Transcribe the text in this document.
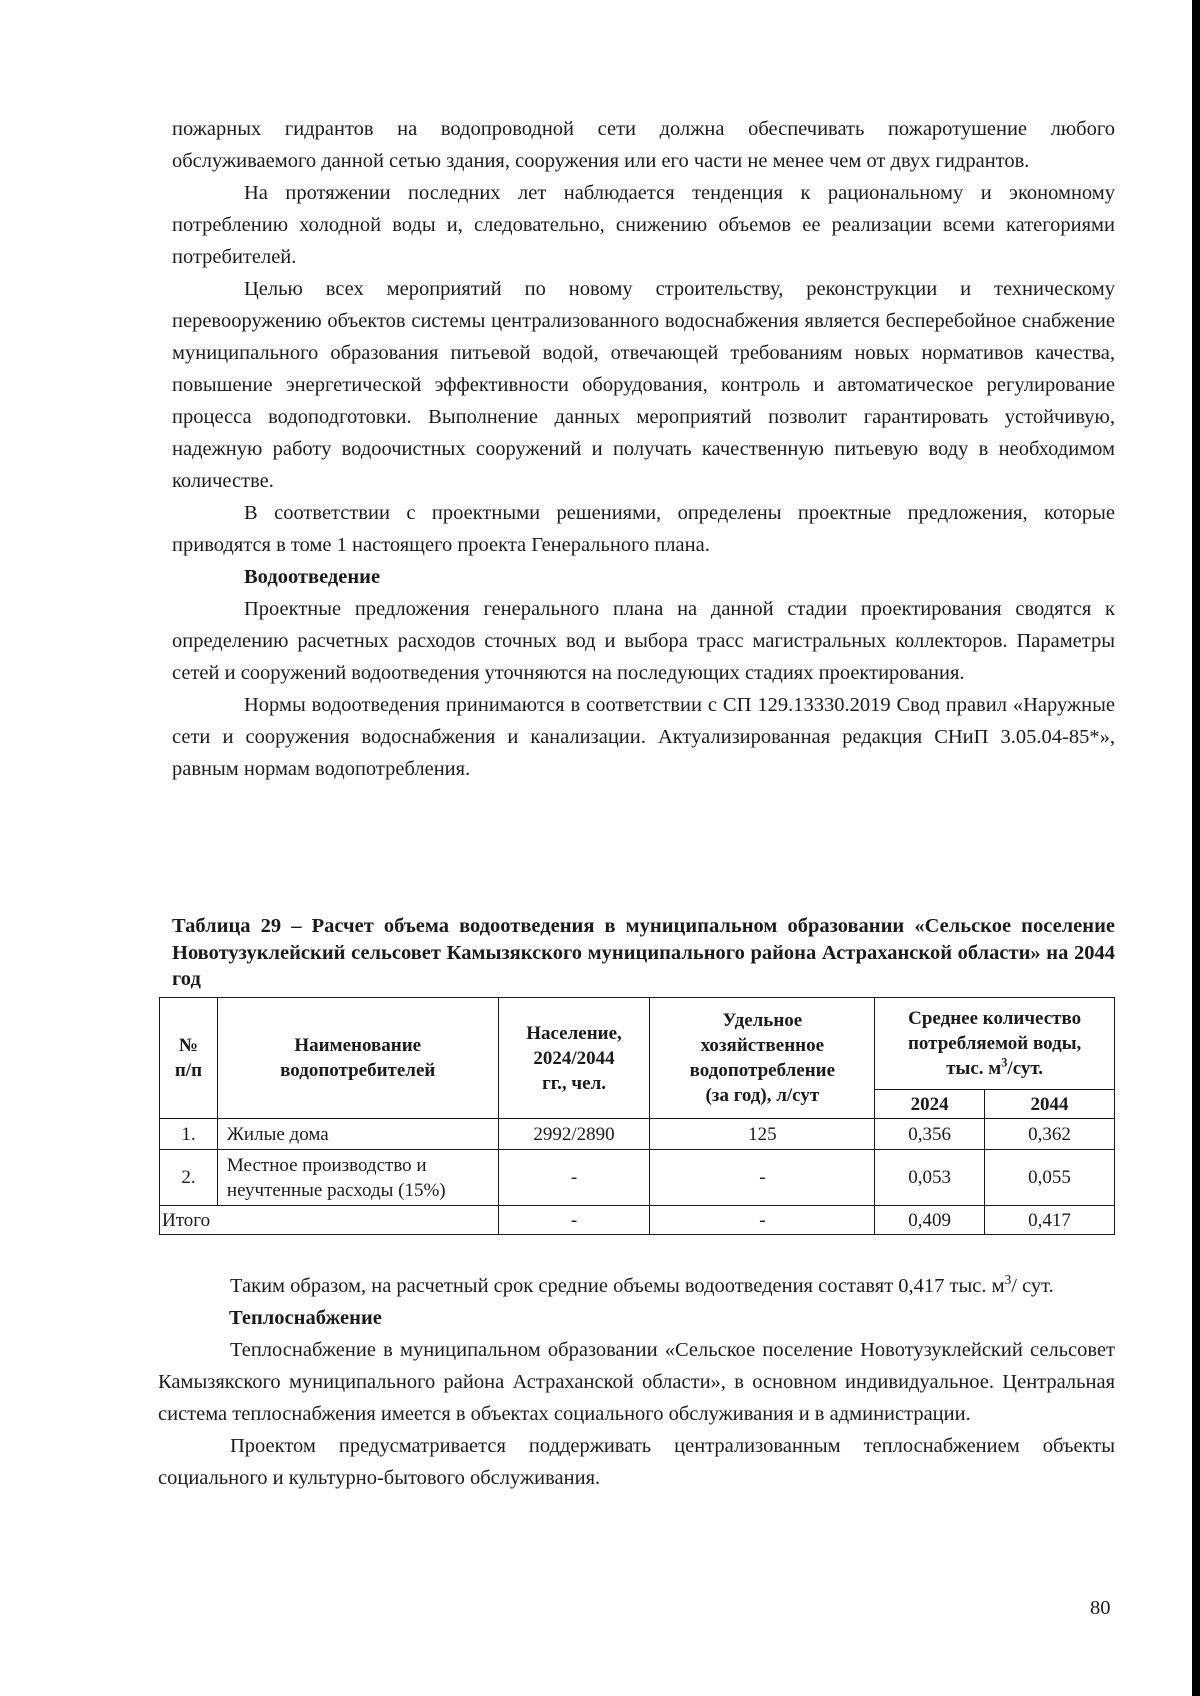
пожарных гидрантов на водопроводной сети должна обеспечивать пожаротушение любого обслуживаемого данной сетью здания, сооружения или его части не менее чем от двух гидрантов.

На протяжении последних лет наблюдается тенденция к рациональному и экономному потреблению холодной воды и, следовательно, снижению объемов ее реализации всеми категориями потребителей.

Целью всех мероприятий по новому строительству, реконструкции и техническому перевооружению объектов системы централизованного водоснабжения является бесперебойное снабжение муниципального образования питьевой водой, отвечающей требованиям новых нормативов качества, повышение энергетической эффективности оборудования, контроль и автоматическое регулирование процесса водоподготовки. Выполнение данных мероприятий позволит гарантировать устойчивую, надежную работу водоочистных сооружений и получать качественную питьевую воду в необходимом количестве.

В соответствии с проектными решениями, определены проектные предложения, которые приводятся в томе 1 настоящего проекта Генерального плана.

Водоотведение

Проектные предложения генерального плана на данной стадии проектирования сводятся к определению расчетных расходов сточных вод и выбора трасс магистральных коллекторов. Параметры сетей и сооружений водоотведения уточняются на последующих стадиях проектирования.

Нормы водоотведения принимаются в соответствии с СП 129.13330.2019 Свод правил «Наружные сети и сооружения водоснабжения и канализации. Актуализированная редакция СНиП 3.05.04-85*», равным нормам водопотребления.

Таблица 29 – Расчет объема водоотведения в муниципальном образовании «Сельское поселение Новотузуклейский сельсовет Камызякского муниципального района Астраханской области» на 2044 год
№
п/п	Наименование
водопотребителей	Население,
2024/2044
гг., чел.	Удельное
хозяйственное
водопотребление
(за год), л/сут	Среднее количество
потребляемой воды,
тыс. $м^3$/сут.	
				2024	2044
1.	Жилые дома	2992/2890	125	0,356	0,362
2.	Местное производство и
неучтенные расходы (15%)	-	-	0,053	0,055
Итого		-	-	0,409	0,417

Таким образом, на расчетный срок средние объемы водоотведения составят 0,417 тыс. $м^3/$ сут.

Теплоснабжение

Теплоснабжение в муниципальном образовании «Сельское поселение Новотузуклейский сельсовет Камызякского муниципального района Астраханской области», в основном индивидуальное. Центральная система теплоснабжения имеется в объектах социального обслуживания и в администрации.

Проектом предусматривается поддерживать централизованным теплоснабжением объекты социального и культурно-бытового обслуживания.

80
